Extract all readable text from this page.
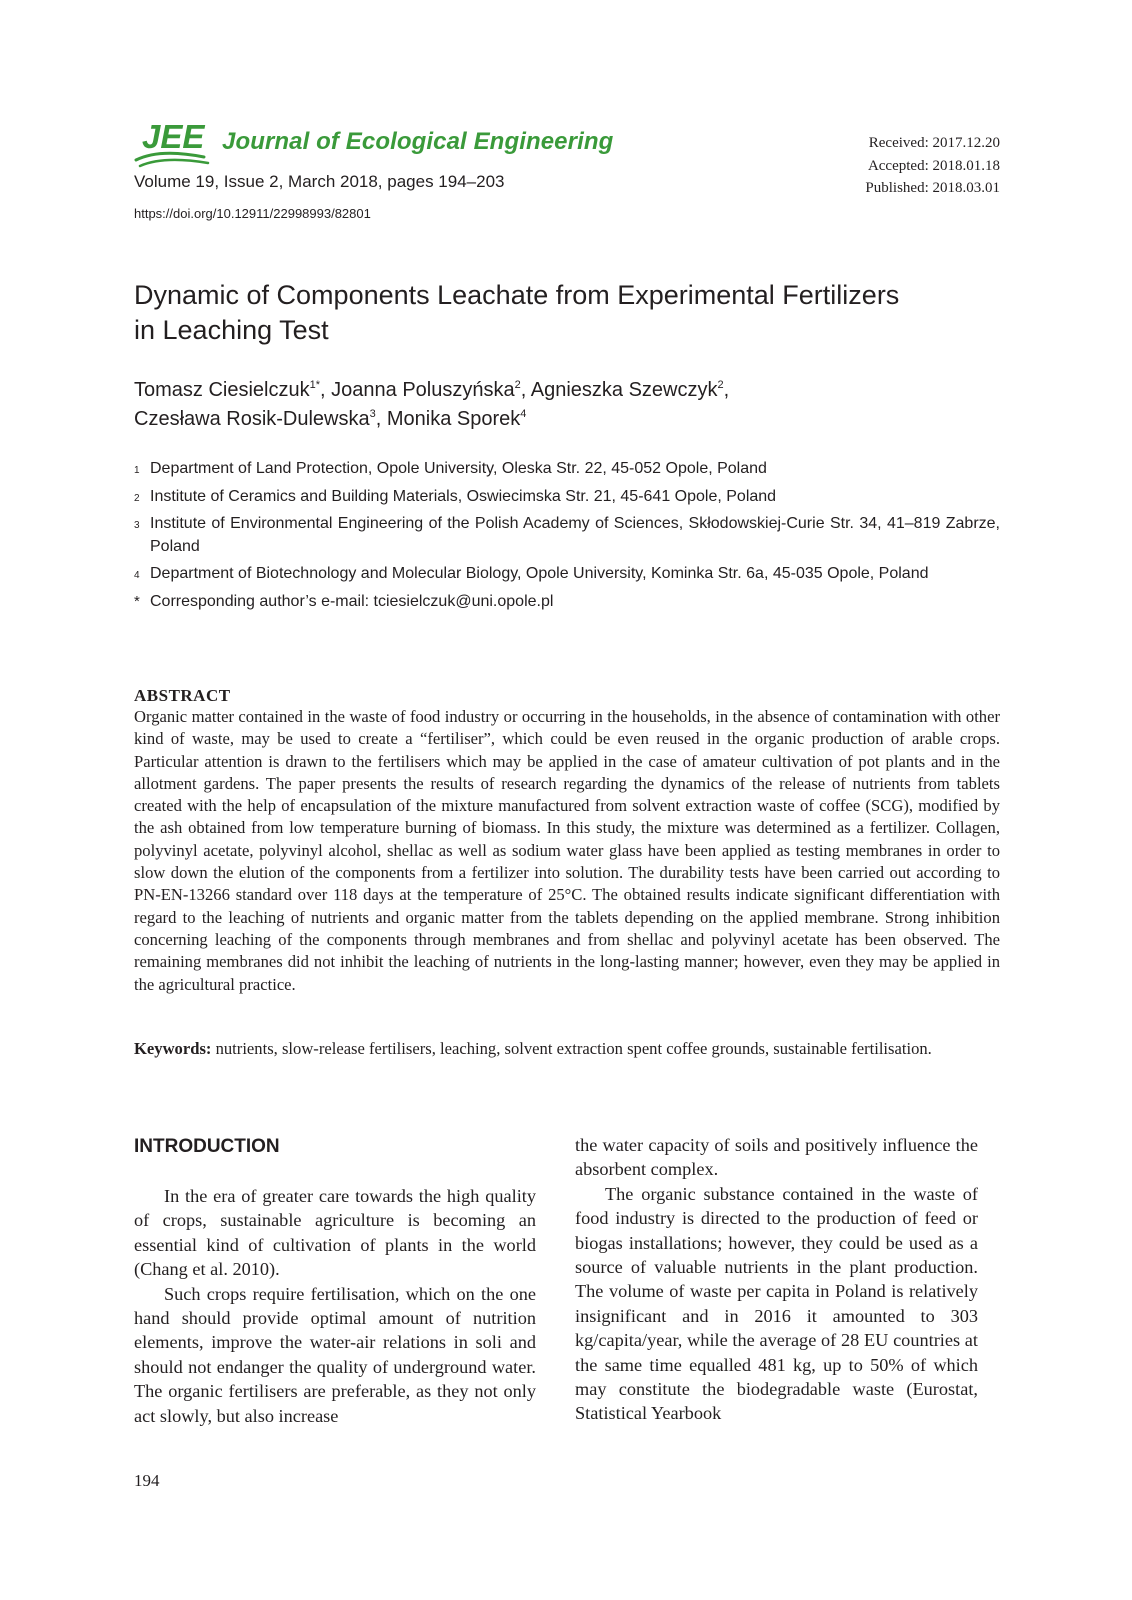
JEE Journal of Ecological Engineering
Volume 19, Issue 2, March 2018, pages 194–203
https://doi.org/10.12911/22998993/82801
Received: 2017.12.20
Accepted: 2018.01.18
Published: 2018.03.01
Dynamic of Components Leachate from Experimental Fertilizers
in Leaching Test
Tomasz Ciesielczuk$^{1*}$, Joanna Poluszyńska$^2$, Agnieszka Szewczyk$^2$,
Czesława Rosik-Dulewska$^3$, Monika Sporek$^4$
1 Department of Land Protection, Opole University, Oleska Str. 22, 45-052 Opole, Poland
2 Institute of Ceramics and Building Materials, Oswiecimska Str. 21, 45-641 Opole, Poland
3 Institute of Environmental Engineering of the Polish Academy of Sciences, Skłodowskiej-Curie Str. 34, 41–819 Zabrze, Poland
4 Department of Biotechnology and Molecular Biology, Opole University, Kominka Str. 6a, 45-035 Opole, Poland
* Corresponding author’s e-mail: tciesielczuk@uni.opole.pl
ABSTRACT

Organic matter contained in the waste of food industry or occurring in the households, in the absence of contamination with other kind of waste, may be used to create a “fertiliser”, which could be even reused in the organic production of arable crops. Particular attention is drawn to the fertilisers which may be applied in the case of amateur cultivation of pot plants and in the allotment gardens. The paper presents the results of research regarding the dynamics of the release of nutrients from tablets created with the help of encapsulation of the mixture manufactured from solvent extraction waste of coffee (SCG), modified by the ash obtained from low temperature burning of biomass. In this study, the mixture was determined as a fertilizer. Collagen, polyvinyl acetate, polyvinyl alcohol, shellac as well as sodium water glass have been applied as testing membranes in order to slow down the elution of the components from a fertilizer into solution. The durability tests have been carried out according to PN-EN-13266 standard over 118 days at the temperature of 25°C. The obtained results indicate significant differentiation with regard to the leaching of nutrients and organic matter from the tablets depending on the applied membrane. Strong inhibition concerning leaching of the components through membranes and from shellac and polyvinyl acetate has been observed. The remaining membranes did not inhibit the leaching of nutrients in the long-lasting manner; however, even they may be applied in the agricultural practice.

Keywords: nutrients, slow-release fertilisers, leaching, solvent extraction spent coffee grounds, sustainable fertilisation.

INTRODUCTION

In the era of greater care towards the high quality of crops, sustainable agriculture is becoming an essential kind of cultivation of plants in the world (Chang et al. 2010).

Such crops require fertilisation, which on the one hand should provide optimal amount of nutrition elements, improve the water-air relations in soli and should not endanger the quality of underground water. The organic fertilisers are preferable, as they not only act slowly, but also increase

the water capacity of soils and positively influence the absorbent complex.

The organic substance contained in the waste of food industry is directed to the production of feed or biogas installations; however, they could be used as a source of valuable nutrients in the plant production. The volume of waste per capita in Poland is relatively insignificant and in 2016 it amounted to 303 kg/capita/year, while the average of 28 EU countries at the same time equalled 481 kg, up to 50% of which may constitute the biodegradable waste (Eurostat, Statistical Yearbook

194
